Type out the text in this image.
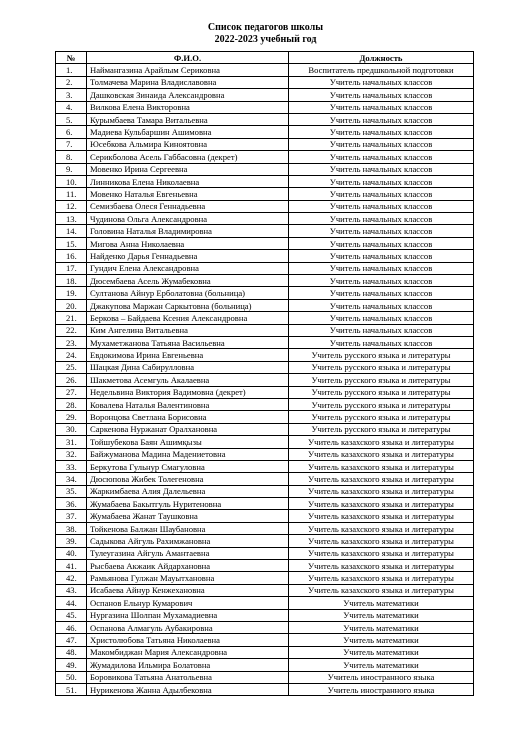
Список педагогов школы
2022-2023 учебный год
№	Ф.И.О.	Должность
1.	Наймангазина Арайлым Сериковна	Воспитатель предшкольной подготовки
2.	Толмачева Марина Владиславовна	Учитель начальных классов
3.	Дашковская Зинаида Александровна	Учитель начальных классов
4.	Вилкова Елена Викторовна	Учитель начальных классов
5.	Курымбаева Тамара Витальевна	Учитель начальных классов
6.	Мадиева Кульбаршин Ашимовна	Учитель начальных классов
7.	Юсебкова Альмира Киноятовна	Учитель начальных классов
8.	Серикболова Асель Габбасовна (декрет)	Учитель начальных классов
9.	Мовенко Ирина Сергеевна	Учитель начальных классов
10.	Линникова Елена Николаевна	Учитель начальных классов
11.	Мовенко Наталья Евгеньевна	Учитель начальных классов
12.	Семизбаева Олеся Геннадьевна	Учитель начальных классов
13.	Чудинова Ольга Александровна	Учитель начальных классов
14.	Головина Наталья Владимировна	Учитель начальных классов
15.	Мигова Анна Николаевна	Учитель начальных классов
16.	Найденко Дарья Геннадьевна	Учитель начальных классов
17.	Гундич Елена Александровна	Учитель начальных классов
18.	Дюсембаева Асель Жумабековна	Учитель начальных классов
19.	Султанова Айнур Ерболатовна (больница)	Учитель начальных классов
20.	Джакупова Маржан Саркытовна (больница)	Учитель начальных классов
21.	Беркова – Байдаева Ксения Александровна	Учитель начальных классов
22.	Ким Ангелина Витальевна	Учитель начальных классов
23.	Мухаметжанова Татьяна Васильевна	Учитель начальных классов
24.	Евдокимова Ирина Евгеньевна	Учитель русского языка и литературы
25.	Шацкая Дина Сабирулловна	Учитель русского языка и литературы
26.	Шакметова Асемгуль Акалаевна	Учитель русского языка и литературы
27.	Недельвина Виктория Вадимовна (декрет)	Учитель русского языка и литературы
28.	Ковалева Наталья Валентиновна	Учитель русского языка и литературы
29.	Воронцова Светлана Борисовна	Учитель русского языка и литературы
30.	Саркенова Нуржанат Оралхановна	Учитель русского языка и литературы
31.	Тойшубекова Баян Ашимқызы	Учитель казахского языка и литературы
32.	Байжуманова Мадина Мадениетовна	Учитель казахского языка и литературы
33.	Беркутова Гульнур Смагуловна	Учитель казахского языка и литературы
34.	Дюсюпова Жибек Толегеновна	Учитель казахского языка и литературы
35.	Жаркимбаева Алия Далельевна	Учитель казахского языка и литературы
36.	Жумабаева Бакытгуль Нуритеновна	Учитель казахского языка и литературы
37.	Жумабаева Жанат Таушковна	Учитель казахского языка и литературы
38.	Тойкенова Балжан Шаубановна	Учитель казахского языка и литературы
39.	Садыкова Айгуль Рахимжановна	Учитель казахского языка и литературы
40.	Тулеугазина Айгуль Амантаевна	Учитель казахского языка и литературы
41.	Рысбаева Акжаик Айдархановна	Учитель казахского языка и литературы
42.	Рамьянова Гулжан Мауытхановна	Учитель казахского языка и литературы
43.	Исабаева Айнур Кенжехановна	Учитель казахского языка и литературы
44.	Оспанов Ельнур Кумарович	Учитель математики
45.	Нургазина Шолпан Мухамадиевна	Учитель математики
46.	Оспанова Алмагуль Аубакировна	Учитель математики
47.	Христолюбова Татьяна Николаевна	Учитель математики
48.	Макомбиджан Мария Александровна	Учитель математики
49.	Жумадилова Ильмира Болатовна	Учитель математики
50.	Боровикова Татьяна Анатольевна	Учитель иностранного языка
51.	Нурикенова Жанна Адылбековна	Учитель иностранного языка
